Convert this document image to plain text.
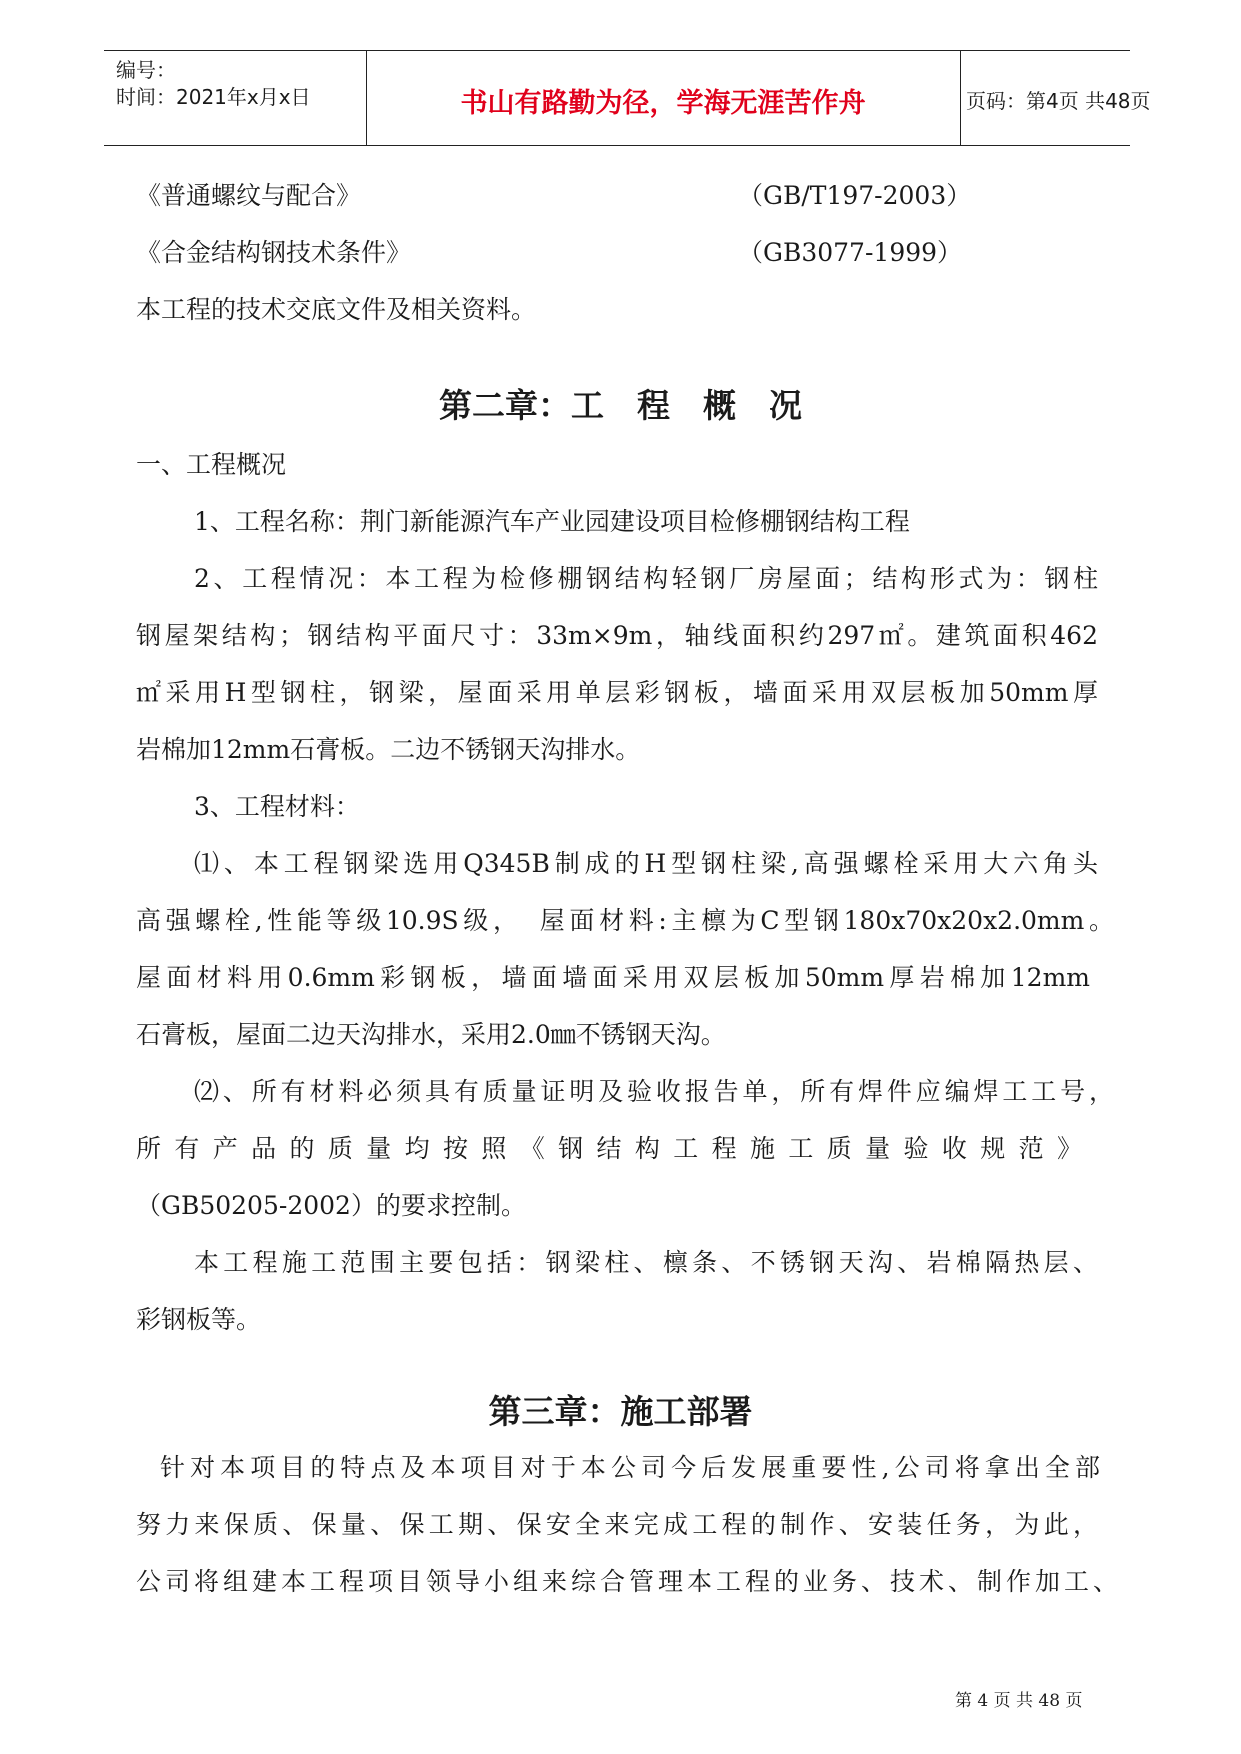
编号：
时间：2021年x月x日	书山有路勤为径，学海无涯苦作舟	页码：第4页 共48页
《普通螺纹与配合》	（GB/T197-2003）
《合金结构钢技术条件》	（GB3077-1999）
本工程的技术交底文件及相关资料。
第二章：工　程　概　况
一、工程概况
1、工程名称：荆门新能源汽车产业园建设项目检修棚钢结构工程
2、工程情况：本工程为检修棚钢结构轻钢厂房屋面；结构形式为：钢柱
钢屋架结构；钢结构平面尺寸：33m×9m，轴线面积约297㎡。建筑面积462
㎡采用H型钢柱，钢梁，屋面采用单层彩钢板，墙面采用双层板加50mm厚
岩棉加12mm石膏板。二边不锈钢天沟排水。
3、工程材料：
⑴、本工程钢梁选用Q345B制成的H型钢柱梁,高强螺栓采用大六角头
高强螺栓,性能等级10.9S级，　屋面材料:主檩为C型钢180x70x20x2.0mm。
屋面材料用0.6mm彩钢板，墙面墙面采用双层板加50mm厚岩棉加12mm
石膏板，屋面二边天沟排水，采用2.0㎜不锈钢天沟。
⑵、所有材料必须具有质量证明及验收报告单，所有焊件应编焊工工号，
所有产品的质量均按照《钢结构工程施工质量验收规范》
（GB50205-2002）的要求控制。
本工程施工范围主要包括：钢梁柱、檩条、不锈钢天沟、岩棉隔热层、
彩钢板等。
第三章：施工部署
针对本项目的特点及本项目对于本公司今后发展重要性,公司将拿出全部
努力来保质、保量、保工期、保安全来完成工程的制作、安装任务，为此，
公司将组建本工程项目领导小组来综合管理本工程的业务、技术、制作加工、
第 4 页 共 48 页
